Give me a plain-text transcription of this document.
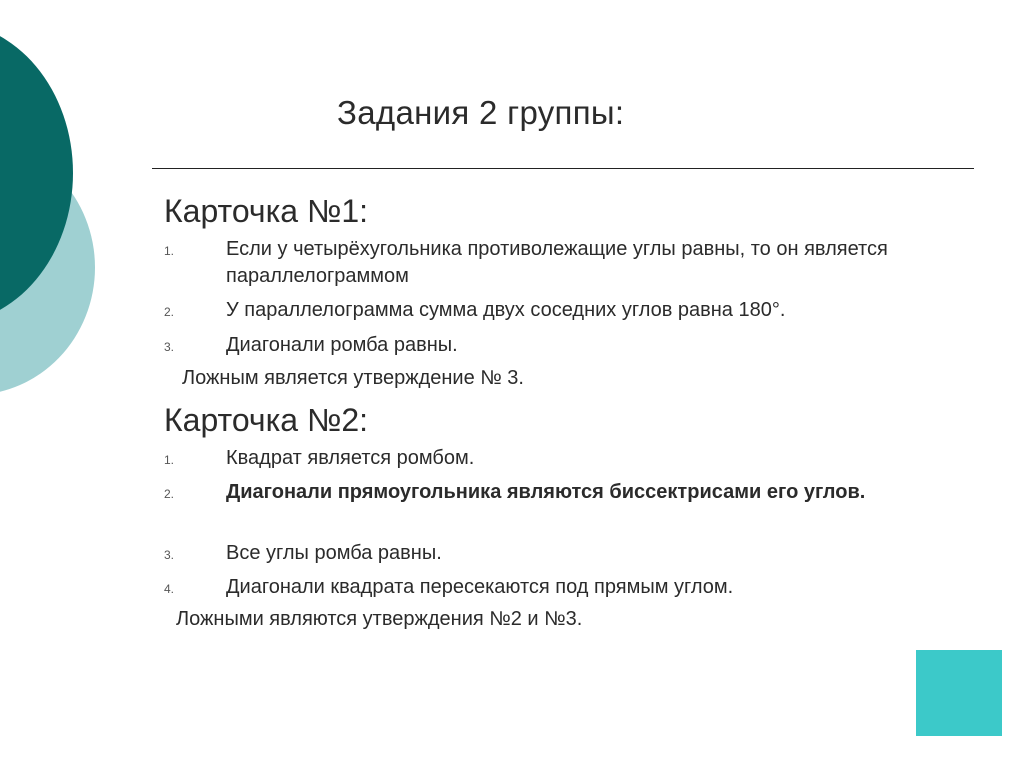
Задания 2 группы:
Карточка №1:
1.	Если у четырёхугольника противолежащие углы равны, то он является параллелограммом
2.	У параллелограмма сумма двух соседних углов равна 180°.
3.	Диагонали ромба равны.
Ложным является утверждение № 3.
Карточка №2:
1.	Квадрат является ромбом.
2.	Диагонали прямоугольника являются биссектрисами его углов.
3.	Все углы ромба равны.
4.	Диагонали квадрата пересекаются под прямым углом.
Ложными являются утверждения №2 и №3.
